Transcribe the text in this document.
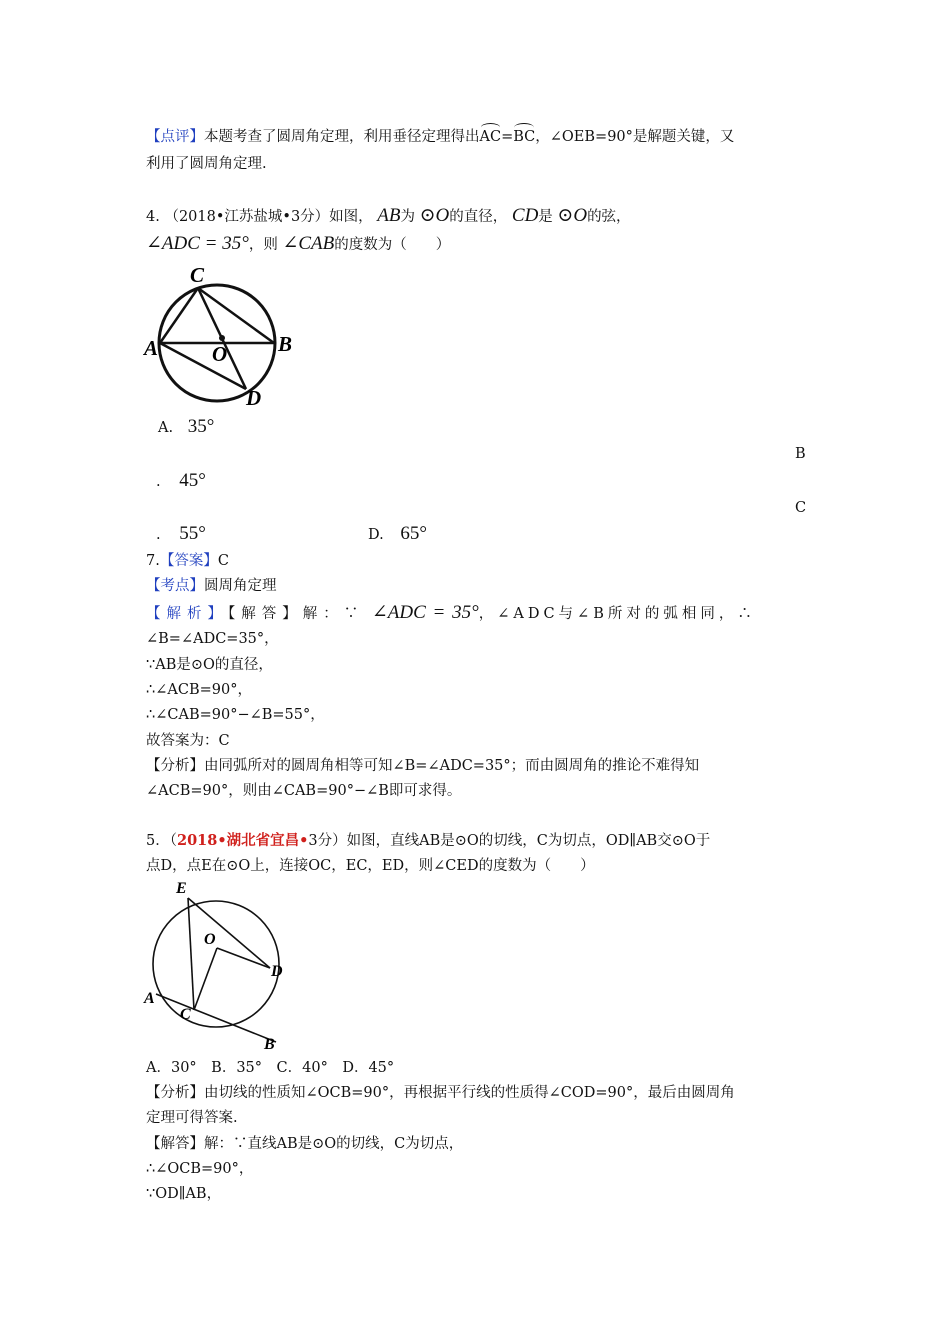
【点评】本题考查了圆周角定理，利用垂径定理得出AC=BC，∠OEB=90°是解题关键，又
利用了圆周角定理.
4. （2018•江苏盐城•3分）如图， AB为 ⊙O的直径， CD是 ⊙O的弦，
∠ADC = 35°，则 ∠CAB的度数为（　　）
C
A	O B
D
A. 35°
B
. 45°
C
. 55°	D. 65°
7.【答案】C
【考点】圆周角定理
【解析】【解答】解：∵ ∠ADC = 35°，∠ADC与∠B所对的弧相同，∴
∠B=∠ADC=35°，
∵AB是⊙O的直径，
∴∠ACB=90°，
∴∠CAB=90°−∠B=55°，
故答案为：C
【分析】由同弧所对的圆周角相等可知∠B=∠ADC=35°；而由圆周角的推论不难得知
∠ACB=90°，则由∠CAB=90°−∠B即可求得。
5．（2018•湖北省宜昌•3分）如图，直线AB是⊙O的切线，C为切点，OD∥AB交⊙O于
点D，点E在⊙O上，连接OC，EC，ED，则∠CED的度数为（　　）
E
O
D
A
C
B
A．30°　B．35°　C．40°　D．45°
【分析】由切线的性质知∠OCB=90°，再根据平行线的性质得∠COD=90°，最后由圆周角
定理可得答案.
【解答】解：∵直线AB是⊙O的切线，C为切点，
∴∠OCB=90°，
∵OD∥AB，
